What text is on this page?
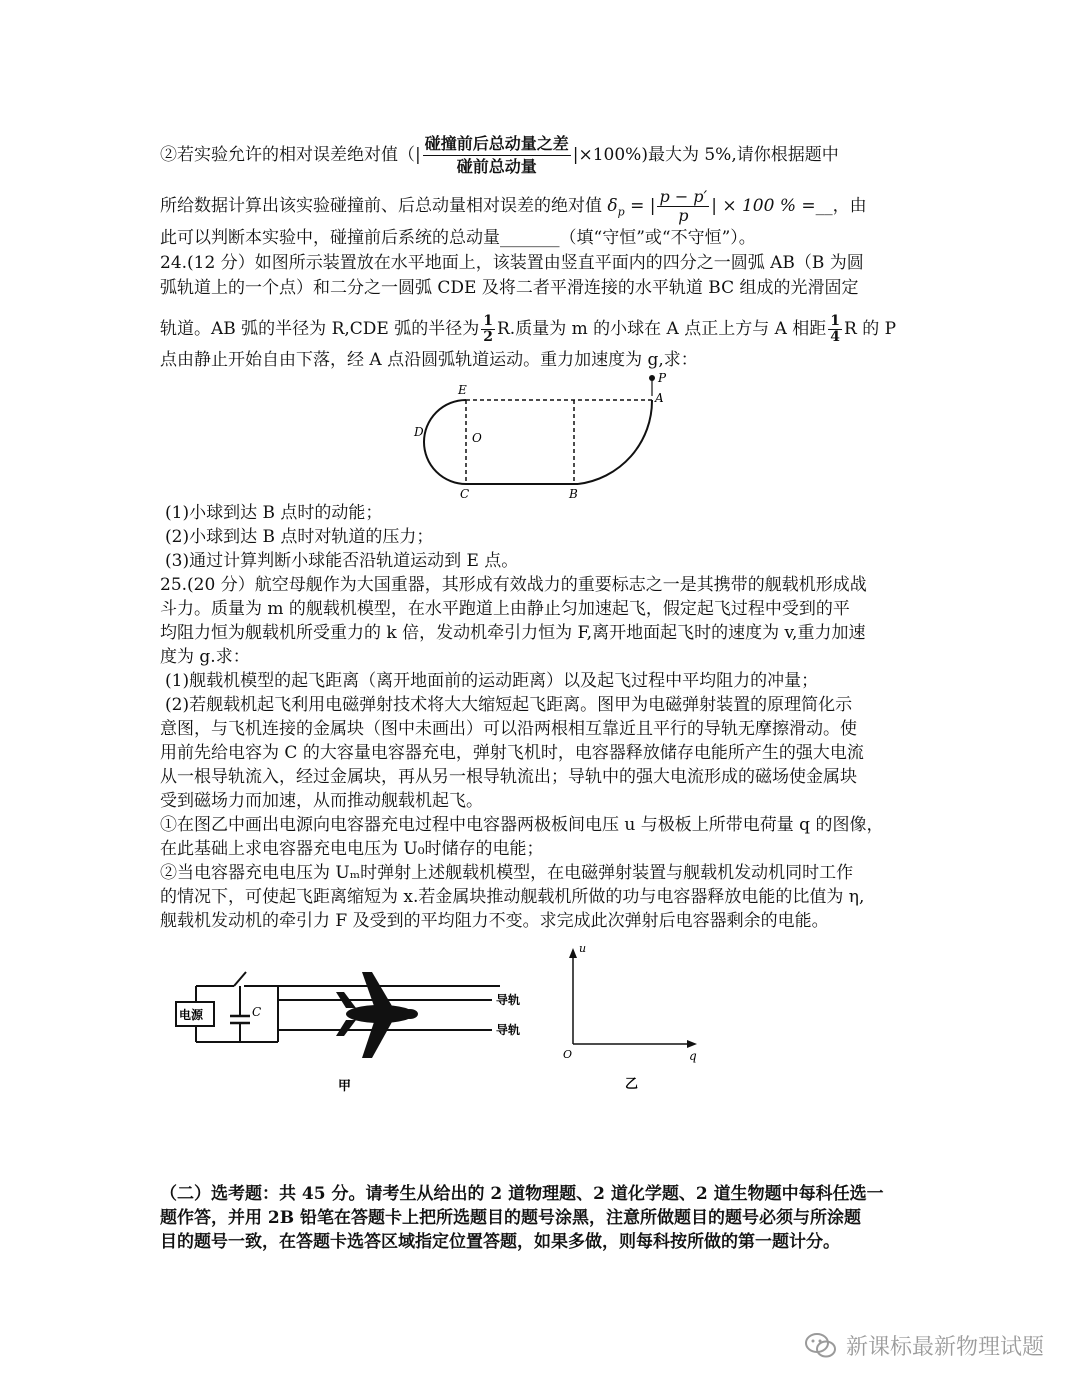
②若实验允许的相对误差绝对值（| $\frac{\text{碰撞前后总动量之差}}{\text{碰前总动量}} |\times 100\%$)最大为 5%,请你根据题中
所给数据计算出该实验碰撞前、后总动量相对误差的绝对值 $\delta_p$ = | $\frac{p - p'}{p}$ | × 100 % =__，由
此可以判断本实验中，碰撞前后系统的总动量_______（填“守恒”或“不守恒”）。
24.(12 分）如图所示装置放在水平地面上，该装置由竖直平面内的四分之一圆弧 AB（B 为圆
弧轨道上的一个点）和二分之一圆弧 CDE 及将二者平滑连接的水平轨道 BC 组成的光滑固定
轨道。AB 弧的半径为 R,CDE 弧的半径为 $\frac{1}{2} R$.质量为 m 的小球在 A 点正上方与 A 相距 $\frac{1}{4}$ R 的 P
点由静止开始自由下落，经 A 点沿圆弧轨道运动。重力加速度为 g,求：
E
P
A
D	O
C	B
(1)小球到达 B 点时的动能；
(2)小球到达 B 点时对轨道的压力；
(3)通过计算判断小球能否沿轨道运动到 E 点。
25.(20 分）航空母舰作为大国重器，其形成有效战力的重要标志之一是其携带的舰载机形成战
斗力。质量为 m 的舰载机模型，在水平跑道上由静止匀加速起飞，假定起飞过程中受到的平
均阻力恒为舰载机所受重力的 k 倍，发动机牵引力恒为 F,离开地面起飞时的速度为 v,重力加速
度为 g.求：
(1)舰载机模型的起飞距离（离开地面前的运动距离）以及起飞过程中平均阻力的冲量；
(2)若舰载机起飞利用电磁弹射技术将大大缩短起飞距离。图甲为电磁弹射装置的原理简化示
意图，与飞机连接的金属块（图中未画出）可以沿两根相互靠近且平行的导轨无摩擦滑动。使
用前先给电容为 C 的大容量电容器充电，弹射飞机时，电容器释放储存电能所产生的强大电流
从一根导轨流入，经过金属块，再从另一根导轨流出；导轨中的强大电流形成的磁场使金属块
受到磁场力而加速，从而推动舰载机起飞。
①在图乙中画出电源向电容器充电过程中电容器两极板间电压 u 与极板上所带电荷量 q 的图像，
在此基础上求电容器充电电压为 U₀时储存的电能；
②当电容器充电电压为 Uₘ时弹射上述舰载机模型，在电磁弹射装置与舰载机发动机同时工作
的情况下，可使起飞距离缩短为 x.若金属块推动舰载机所做的功与电容器释放电能的比值为 η,
舰载机发动机的牵引力 F 及受到的平均阻力不变。求完成此次弹射后电容器剩余的电能。
电源	C
导轨
导轨
甲
u
q
O
乙
（二）选考题：共 45 分。请考生从给出的 2 道物理题、2 道化学题、2 道生物题中每科任选一
题作答，并用 2B 铅笔在答题卡上把所选题目的题号涂黑，注意所做题目的题号必须与所涂题
目的题号一致，在答题卡选答区域指定位置答题，如果多做，则每科按所做的第一题计分。
新课标最新物理试题
